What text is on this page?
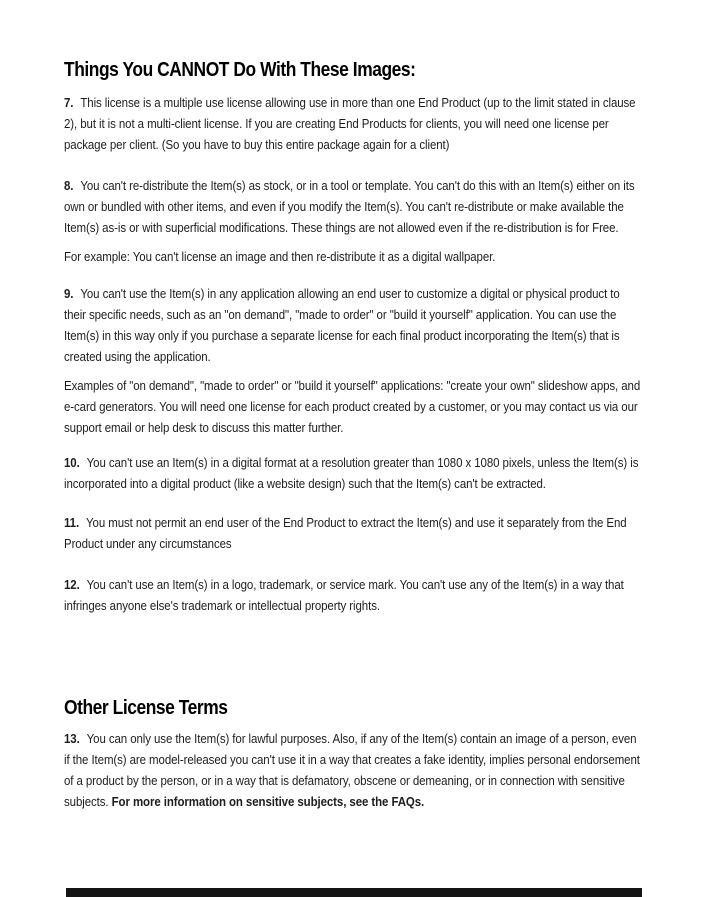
Things You CANNOT Do With These Images:

7. This license is a multiple use license allowing use in more than one End Product (up to the limit stated in clause 2), but it is not a multi-client license. If you are creating End Products for clients, you will need one license per package per client. (So you have to buy this entire package again for a client)

8. You can't re-distribute the Item(s) as stock, or in a tool or template. You can't do this with an Item(s) either on its own or bundled with other items, and even if you modify the Item(s). You can't re-distribute or make available the Item(s) as-is or with superficial modifications. These things are not allowed even if the re-distribution is for Free.

For example: You can't license an image and then re-distribute it as a digital wallpaper.

9. You can't use the Item(s) in any application allowing an end user to customize a digital or physical product to their specific needs, such as an "on demand", "made to order" or "build it yourself" application. You can use the Item(s) in this way only if you purchase a separate license for each final product incorporating the Item(s) that is created using the application.

Examples of "on demand", "made to order" or "build it yourself" applications: "create your own" slideshow apps, and e-card generators. You will need one license for each product created by a customer, or you may contact us via our support email or help desk to discuss this matter further.

10. You can't use an Item(s) in a digital format at a resolution greater than 1080 x 1080 pixels, unless the Item(s) is incorporated into a digital product (like a website design) such that the Item(s) can't be extracted.

11. You must not permit an end user of the End Product to extract the Item(s) and use it separately from the End Product under any circumstances

12. You can't use an Item(s) in a logo, trademark, or service mark. You can't use any of the Item(s) in a way that infringes anyone else's trademark or intellectual property rights.

Other License Terms

13. You can only use the Item(s) for lawful purposes. Also, if any of the Item(s) contain an image of a person, even if the Item(s) are model-released you can't use it in a way that creates a fake identity, implies personal endorsement of a product by the person, or in a way that is defamatory, obscene or demeaning, or in connection with sensitive subjects. For more information on sensitive subjects, see the FAQs.
